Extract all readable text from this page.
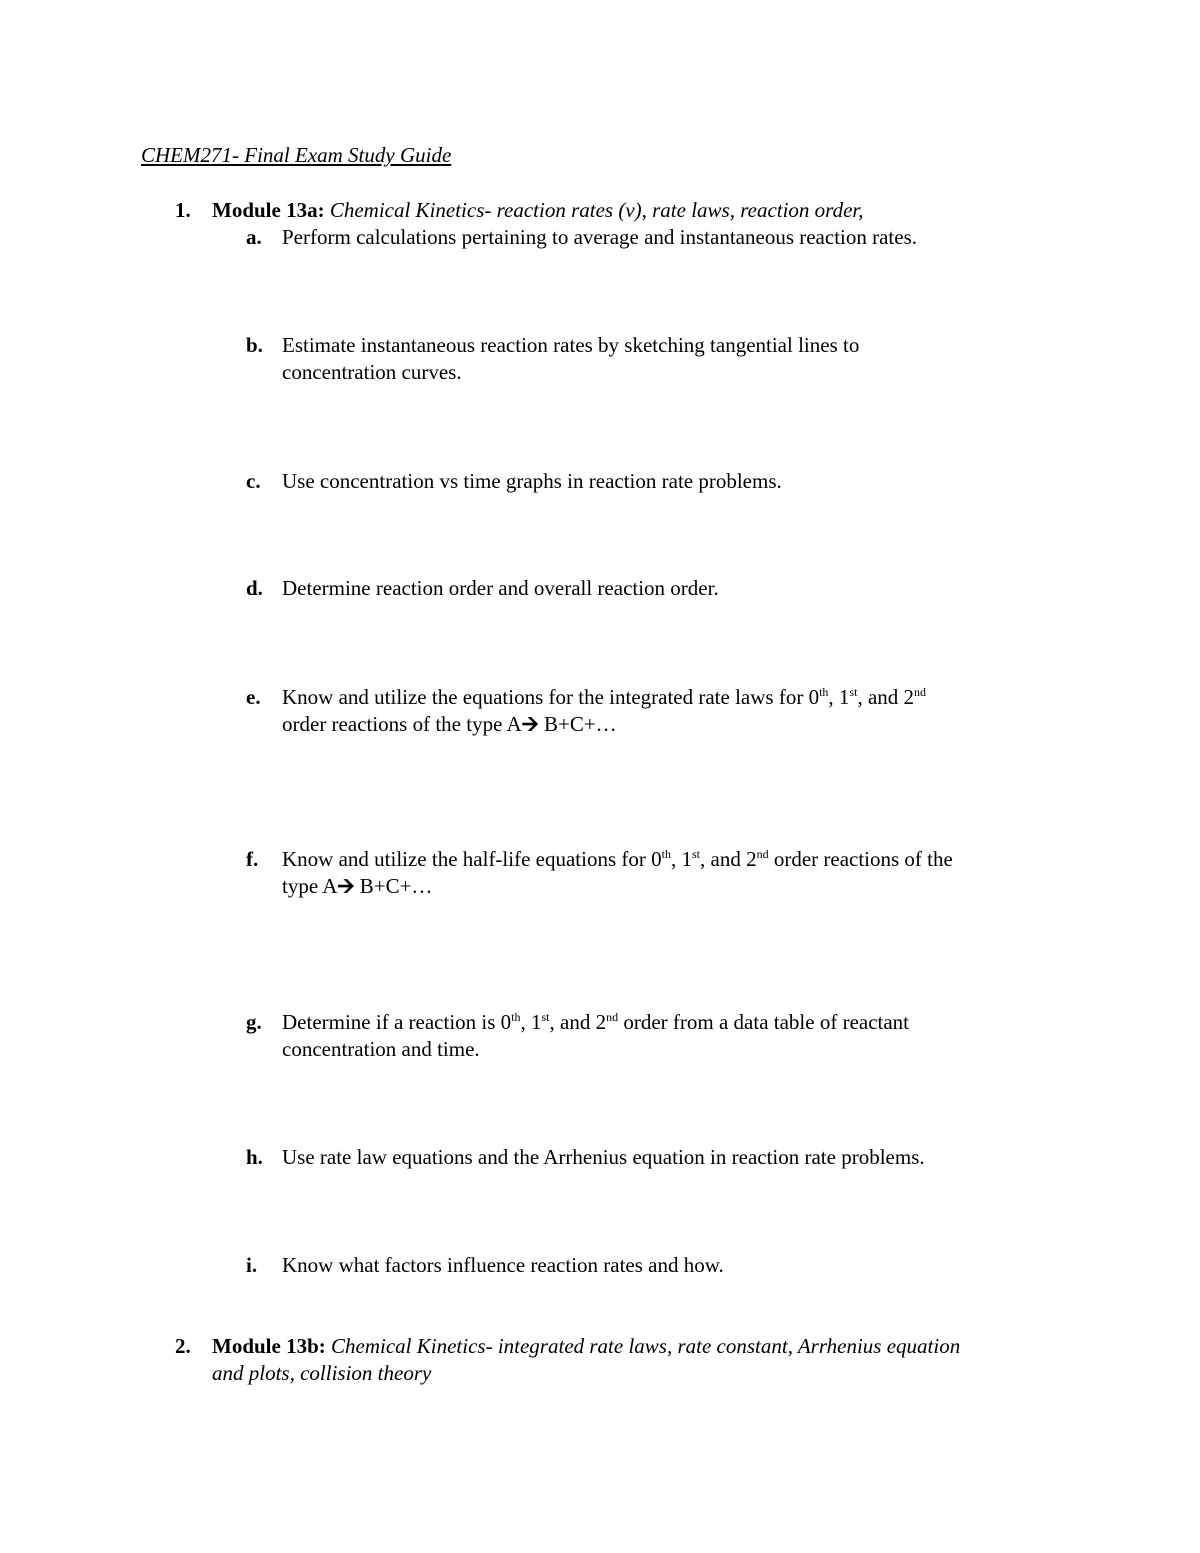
CHEM271- Final Exam Study Guide
1. Module 13a: Chemical Kinetics- reaction rates (v), rate laws, reaction order,
a. Perform calculations pertaining to average and instantaneous reaction rates.
b. Estimate instantaneous reaction rates by sketching tangential lines to
concentration curves.
c. Use concentration vs time graphs in reaction rate problems.
d. Determine reaction order and overall reaction order.
e. Know and utilize the equations for the integrated rate laws for 0th, 1st, and 2nd
order reactions of the type A🡪 B+C+…
f. Know and utilize the half-life equations for 0th, 1st, and 2nd order reactions of the
type A🡪 B+C+…
g. Determine if a reaction is 0th, 1st, and 2nd order from a data table of reactant
concentration and time.
h. Use rate law equations and the Arrhenius equation in reaction rate problems.
i. Know what factors influence reaction rates and how.
2. Module 13b: Chemical Kinetics- integrated rate laws, rate constant, Arrhenius equation
and plots, collision theory
